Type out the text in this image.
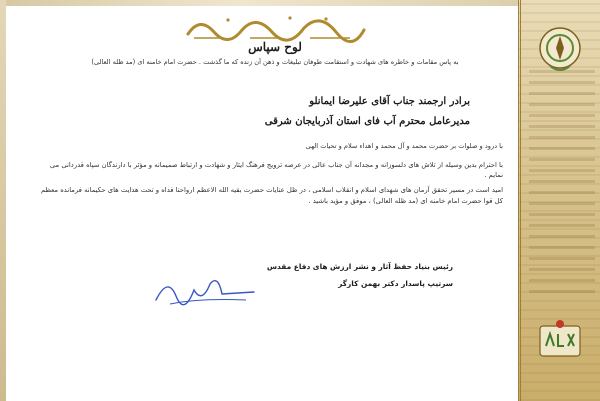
لوح سپاس
به پاس مقامات و خاطره های شهادت و استقامت طوفان تبلیغات و ذهن آن زنده که ما گذشت . حضرت امام خامنه ای (مد ظله العالی)
برادر ارجمند جناب آقای علیرضا ایمانلو
مدیرعامل محترم آب فای استان آذربایجان شرقی
با درود و صلوات بر حضرت محمد و آل محمد و اهداء سلام و تحیات الهی

با احترام بدین وسیله از تلاش های دلسوزانه و مجدانه آن جناب عالی در عرصه ترویج فرهنگ ایثار و شهادت و ارتباط صمیمانه و مؤثر با دارندگان سپاه قدردانی می نمایم .

امید است در مسیر تحقق آرمان های شهدای اسلام و انقلاب اسلامی ، در ظل عنایات حضرت بقیه الله الاعظم ارواحنا فداه و تحت هدایت های حکیمانه فرمانده معظم کل قوا حضرت امام خامنه ای (مد ظله العالی) ، موفق و مؤید باشید .

رئیس بنیاد حفظ آثار و نشر ارزش های دفاع مقدس
سرتیپ پاسدار دکتر بهمن کارگر
